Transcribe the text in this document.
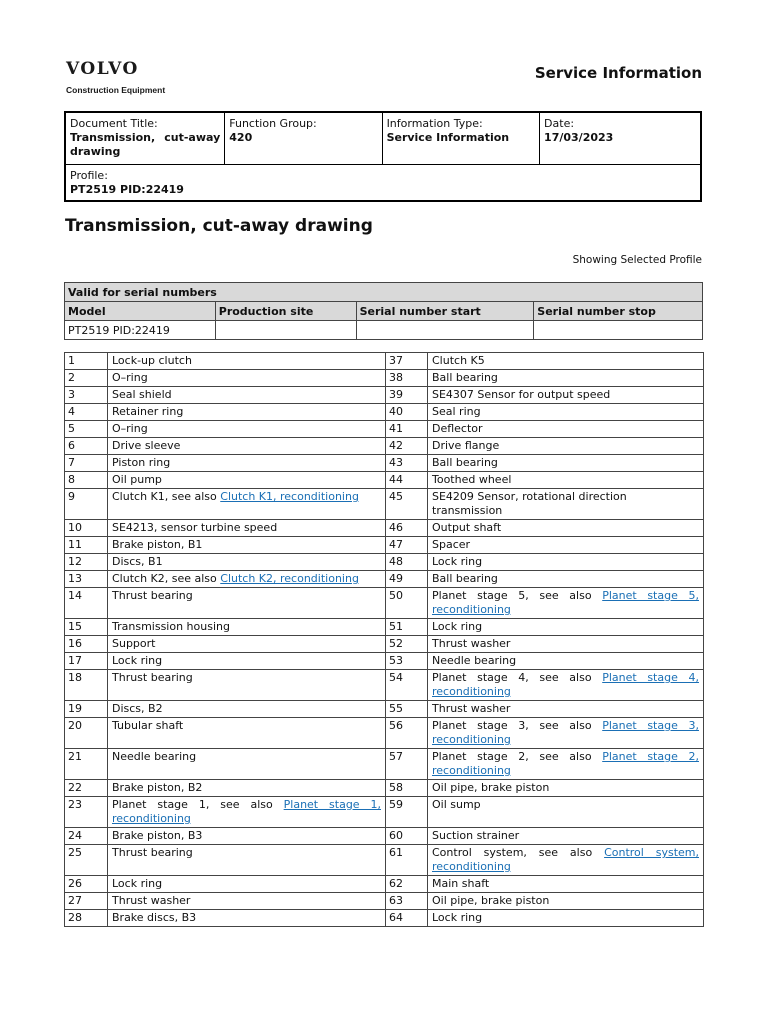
VOLVO
Construction Equipment
Service Information
Document Title:
Transmission, cut-away
drawing

Function Group:
420

Information Type:
Service Information

Date:
17/03/2023

Profile:
PT2519 PID:22419
Transmission, cut-away drawing
Showing Selected Profile
Valid for serial numbers			
Model	Production site	Serial number start	Serial number stop
PT2519 PID:22419			
1	Lock-up clutch	37	Clutch K5
2	O–ring	38	Ball bearing
3	Seal shield	39	SE4307 Sensor for output speed
4	Retainer ring	40	Seal ring
5	O–ring	41	Deflector
6	Drive sleeve	42	Drive flange
7	Piston ring	43	Ball bearing
8	Oil pump	44	Toothed wheel
9	Clutch K1, see also Clutch K1, reconditioning	45	SE4209 Sensor, rotational direction transmission
10	SE4213, sensor turbine speed	46	Output shaft
11	Brake piston, B1	47	Spacer
12	Discs, B1	48	Lock ring
13	Clutch K2, see also Clutch K2, reconditioning	49	Ball bearing
14	Thrust bearing	50	Planet stage 5, see also Planet stage 5, reconditioning
15	Transmission housing	51	Lock ring
16	Support	52	Thrust washer
17	Lock ring	53	Needle bearing
18	Thrust bearing	54	Planet stage 4, see also Planet stage 4, reconditioning
19	Discs, B2	55	Thrust washer
20	Tubular shaft	56	Planet stage 3, see also Planet stage 3, reconditioning
21	Needle bearing	57	Planet stage 2, see also Planet stage 2, reconditioning
22	Brake piston, B2	58	Oil pipe, brake piston
23	Planet stage 1, see also Planet stage 1, reconditioning	59	Oil sump
24	Brake piston, B3	60	Suction strainer
25	Thrust bearing	61	Control system, see also Control system, reconditioning
26	Lock ring	62	Main shaft
27	Thrust washer	63	Oil pipe, brake piston
28	Brake discs, B3	64	Lock ring
